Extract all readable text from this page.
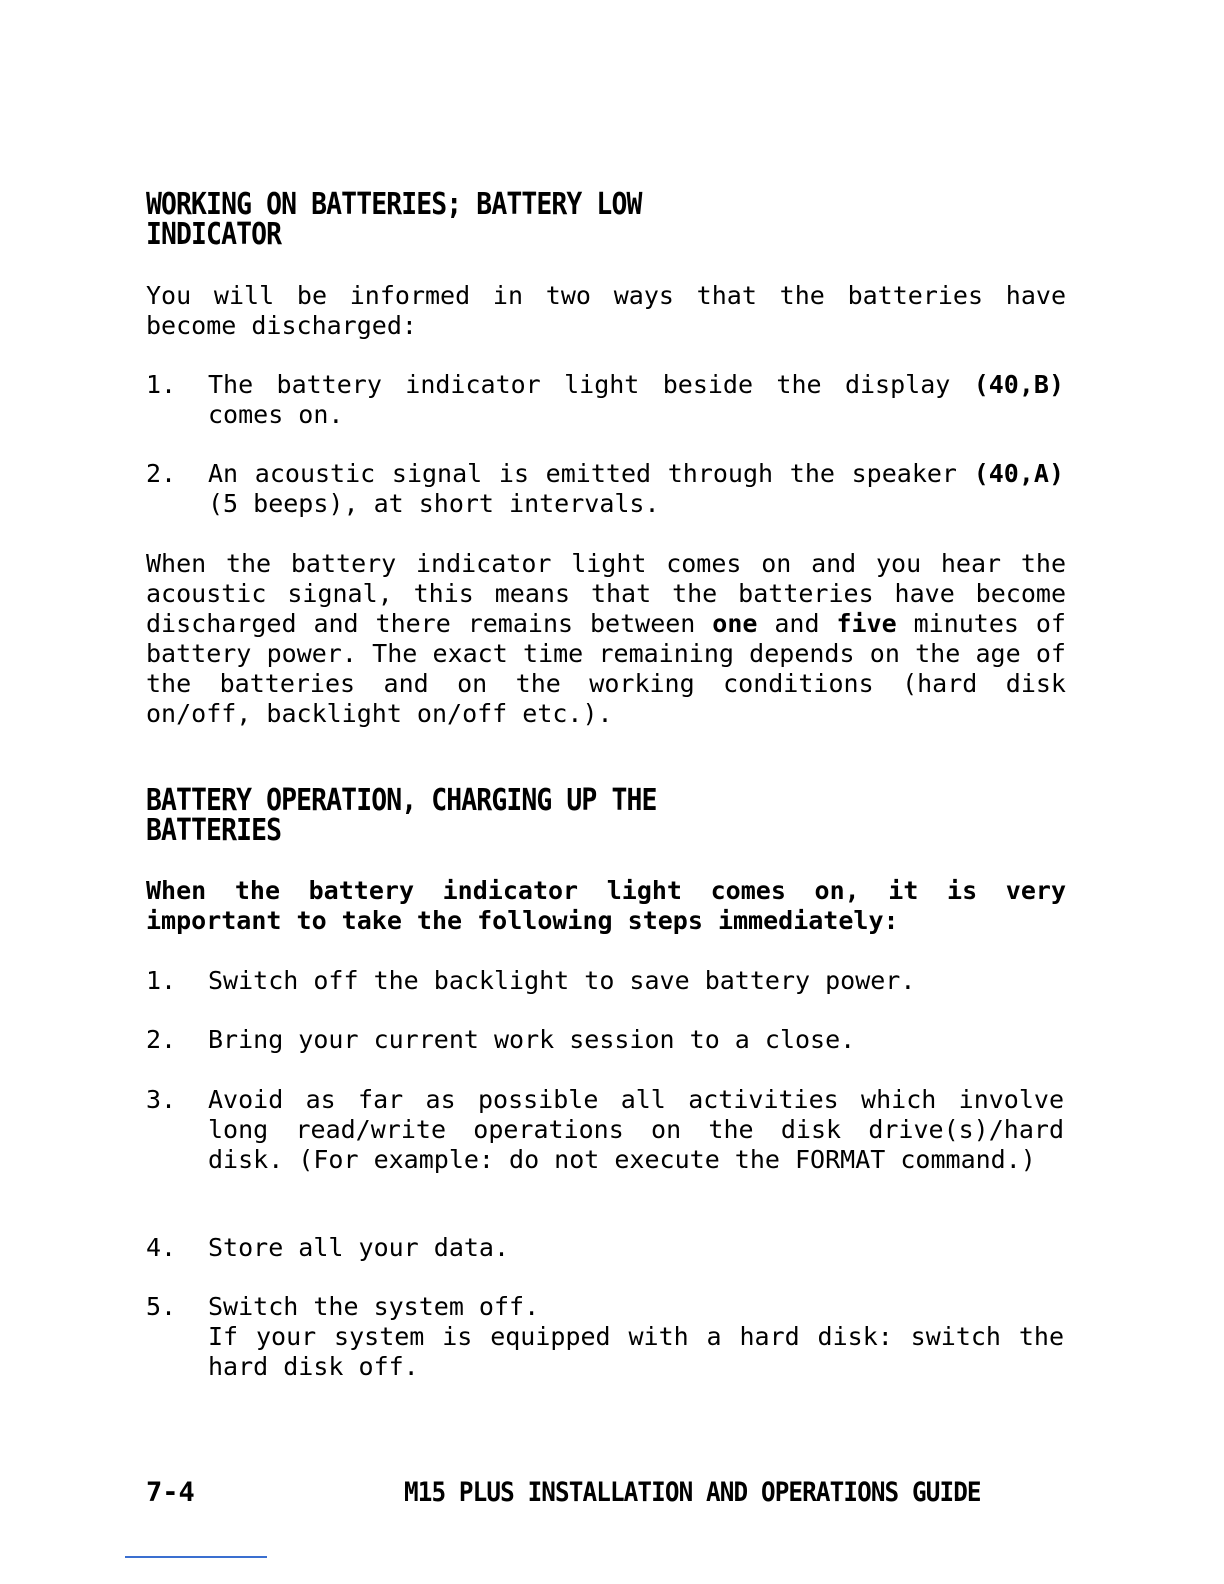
WORKING ON BATTERIES; BATTERY LOW
INDICATOR

You will be informed in two ways that the batteries have become discharged:

1.	The battery indicator light beside the display (40,B) comes on.
2.	An acoustic signal is emitted through the speaker (40,A) (5 beeps), at short intervals.

When the battery indicator light comes on and you hear the acoustic signal, this means that the batteries have become discharged and there remains between one and five minutes of battery power. The exact time remaining depends on the age of the batteries and on the working conditions (hard disk on/off, backlight on/off etc.).

BATTERY OPERATION, CHARGING UP THE
BATTERIES

When the battery indicator light comes on, it is very important to take the following steps immediately:

1.	Switch off the backlight to save battery power.
2.	Bring your current work session to a close.
3.	Avoid as far as possible all activities which involve long read/write operations on the disk drive(s)/hard disk. (For example: do not execute the FORMAT command.)
4.	Store all your data.
5.	Switch the system off.
If your system is equipped with a hard disk: switch the hard disk off.
7-4	M15 PLUS INSTALLATION AND OPERATIONS GUIDE
